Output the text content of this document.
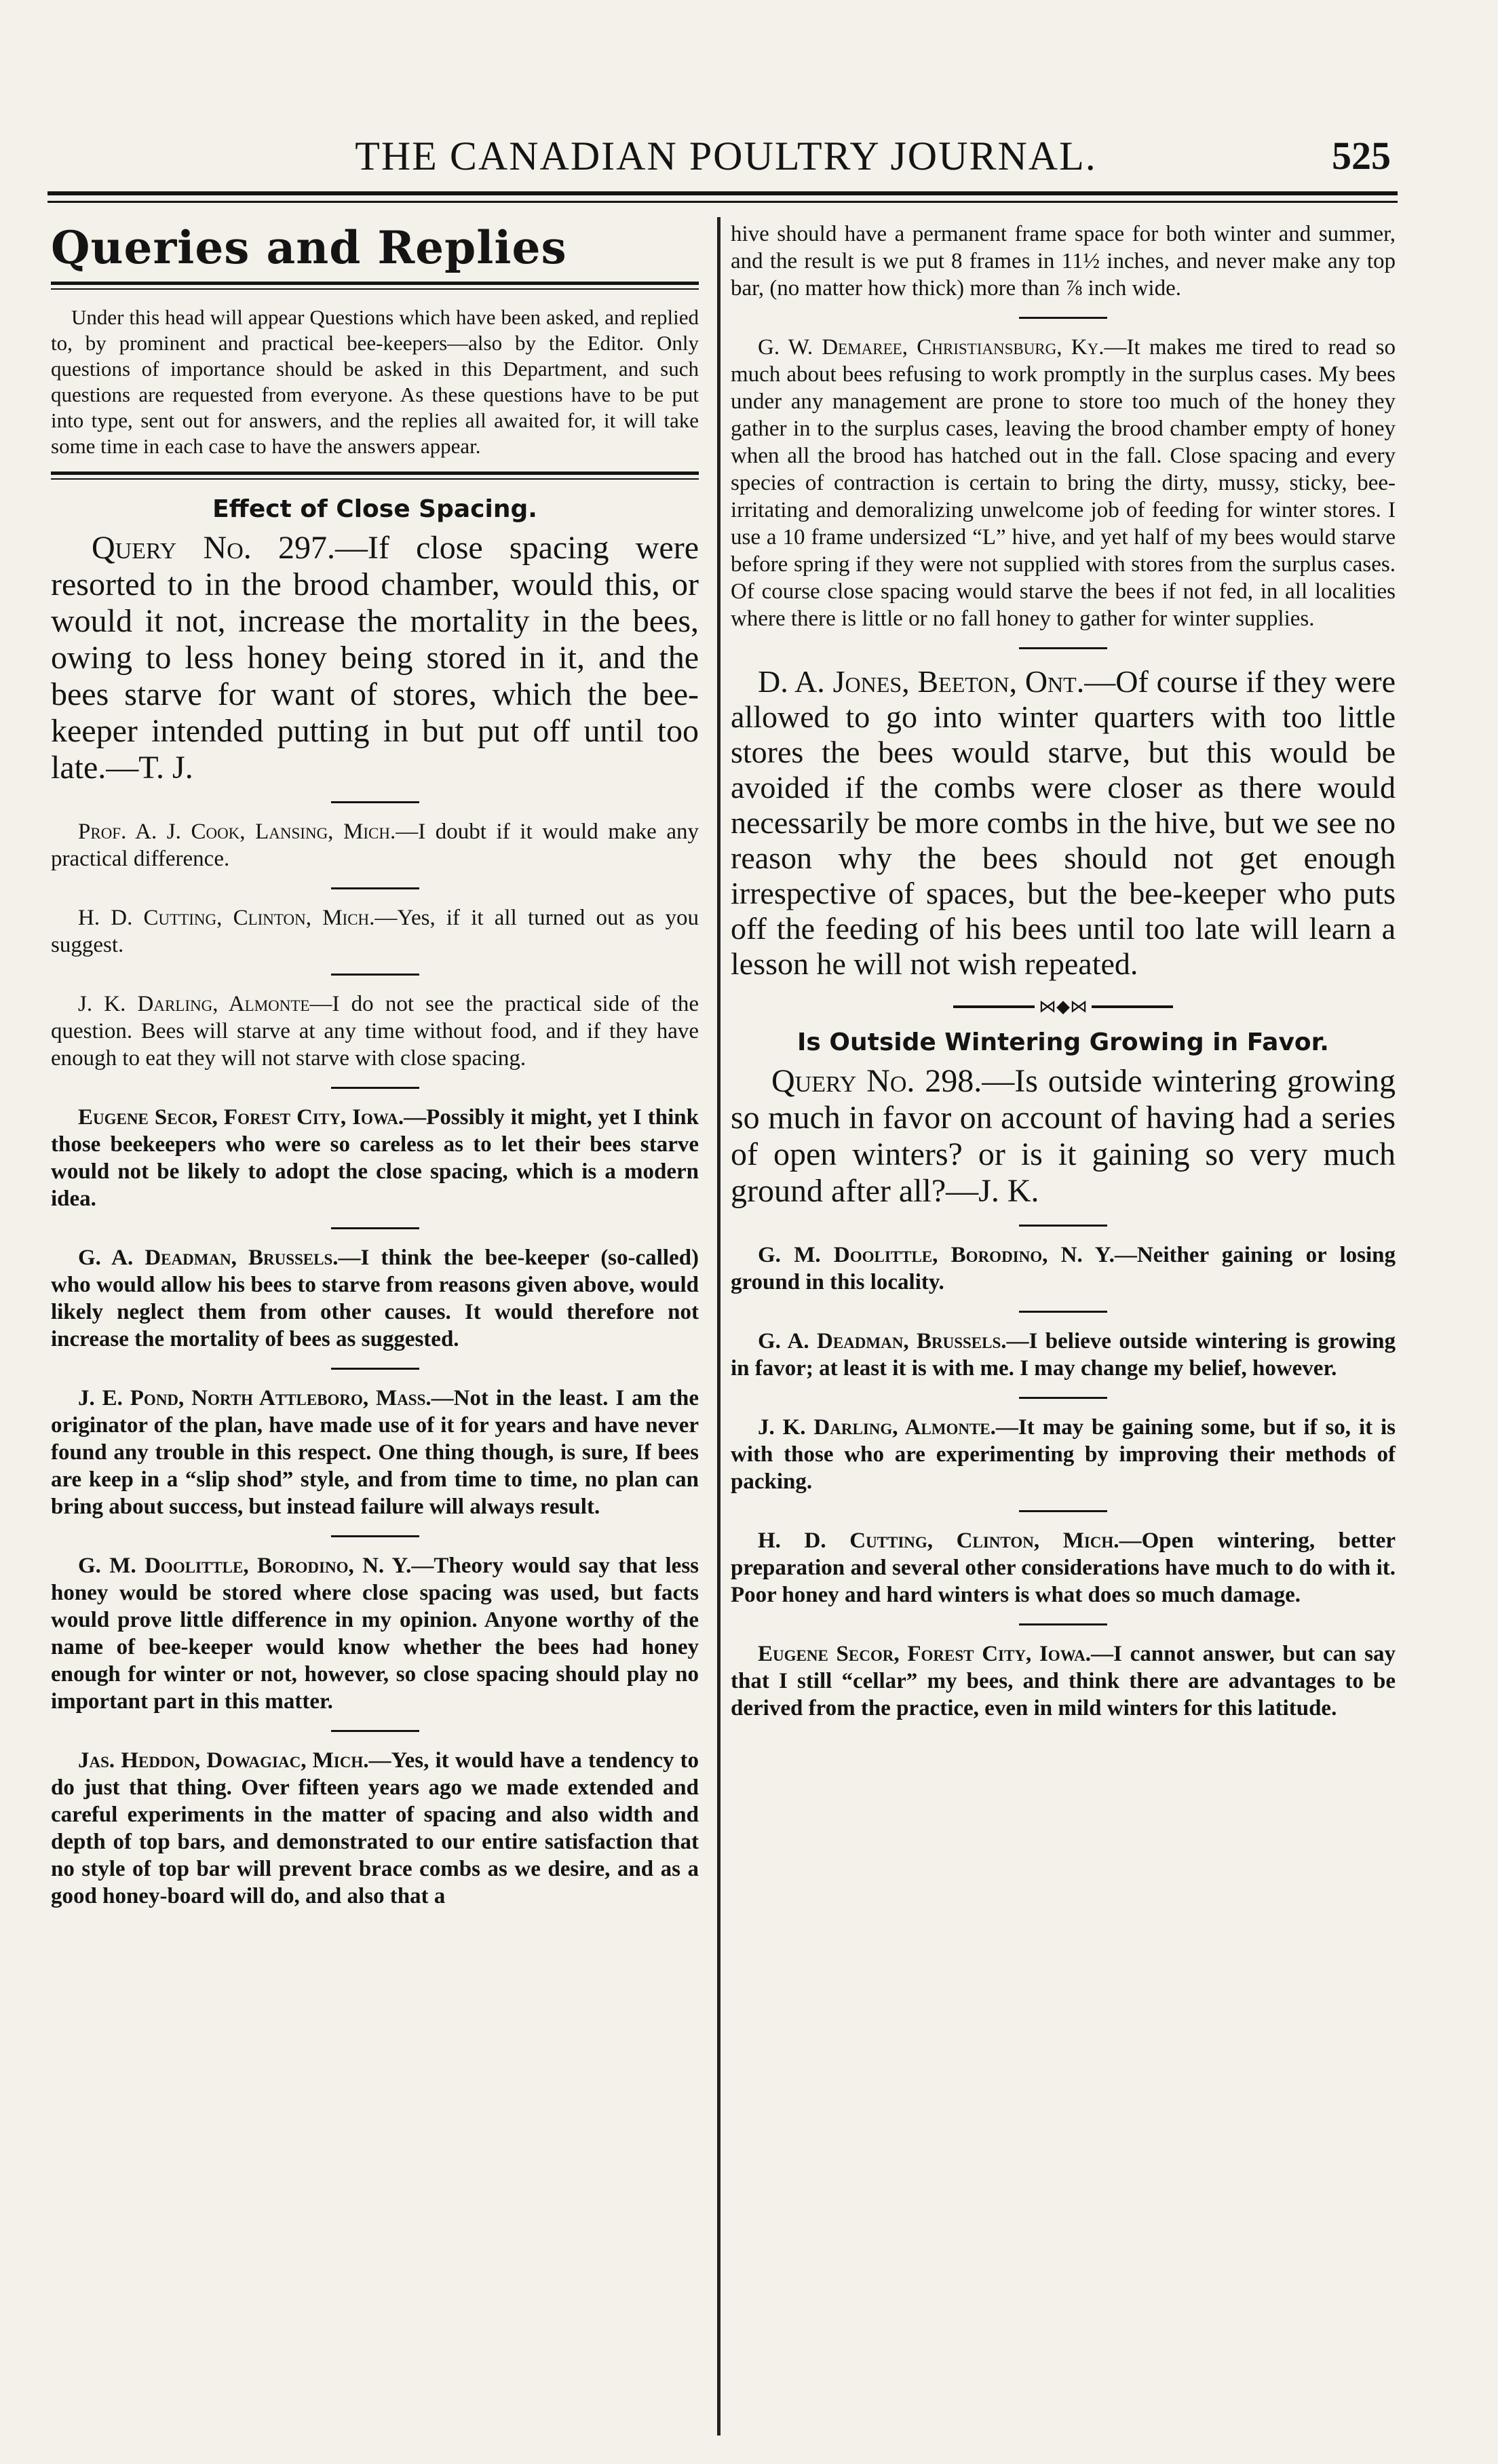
THE CANADIAN POULTRY JOURNAL.	525
Queries and Replies

Under this head will appear Questions which have been asked, and replied to, by prominent and practical bee-keepers—also by the Editor. Only questions of importance should be asked in this Department, and such questions are requested from everyone. As these questions have to be put into type, sent out for answers, and the replies all awaited for, it will take some time in each case to have the answers appear.

Effect of Close Spacing.

Query No. 297.—If close spacing were resorted to in the brood chamber, would this, or would it not, increase the mortality in the bees, owing to less honey being stored in it, and the bees starve for want of stores, which the bee-keeper intended putting in but put off until too late.—T. J.

Prof. A. J. Cook, Lansing, Mich.—I doubt if it would make any practical difference.

H. D. Cutting, Clinton, Mich.—Yes, if it all turned out as you suggest.

J. K. Darling, Almonte—I do not see the practical side of the question. Bees will starve at any time without food, and if they have enough to eat they will not starve with close spacing.

Eugene Secor, Forest City, Iowa.—Possibly it might, yet I think those beekeepers who were so careless as to let their bees starve would not be likely to adopt the close spacing, which is a modern idea.

G. A. Deadman, Brussels.—I think the bee-keeper (so-called) who would allow his bees to starve from reasons given above, would likely neglect them from other causes. It would therefore not increase the mortality of bees as suggested.

J. E. Pond, North Attleboro, Mass.—Not in the least. I am the originator of the plan, have made use of it for years and have never found any trouble in this respect. One thing though, is sure, If bees are keep in a “slip shod” style, and from time to time, no plan can bring about success, but instead failure will always result.

G. M. Doolittle, Borodino, N. Y.—Theory would say that less honey would be stored where close spacing was used, but facts would prove little difference in my opinion. Anyone worthy of the name of bee-keeper would know whether the bees had honey enough for winter or not, however, so close spacing should play no important part in this matter.

Jas. Heddon, Dowagiac, Mich.—Yes, it would have a tendency to do just that thing. Over fifteen years ago we made extended and careful experiments in the matter of spacing and also width and depth of top bars, and demonstrated to our entire satisfaction that no style of top bar will prevent brace combs as we desire, and as a good honey-board will do, and also that a

hive should have a permanent frame space for both winter and summer, and the result is we put 8 frames in 11½ inches, and never make any top bar, (no matter how thick) more than ⅞ inch wide.

G. W. Demaree, Christiansburg, Ky.—It makes me tired to read so much about bees refusing to work promptly in the surplus cases. My bees under any management are prone to store too much of the honey they gather in to the surplus cases, leaving the brood chamber empty of honey when all the brood has hatched out in the fall. Close spacing and every species of contraction is certain to bring the dirty, mussy, sticky, bee-irritating and demoralizing unwelcome job of feeding for winter stores. I use a 10 frame undersized “L” hive, and yet half of my bees would starve before spring if they were not supplied with stores from the surplus cases. Of course close spacing would starve the bees if not fed, in all localities where there is little or no fall honey to gather for winter supplies.

D. A. Jones, Beeton, Ont.—Of course if they were allowed to go into winter quarters with too little stores the bees would starve, but this would be avoided if the combs were closer as there would necessarily be more combs in the hive, but we see no reason why the bees should not get enough irrespective of spaces, but the bee-keeper who puts off the feeding of his bees until too late will learn a lesson he will not wish repeated.

⋈◆⋈
Is Outside Wintering Growing in Favor.

Query No. 298.—Is outside wintering growing so much in favor on account of having had a series of open winters? or is it gaining so very much ground after all?—J. K.

G. M. Doolittle, Borodino, N. Y.—Neither gaining or losing ground in this locality.

G. A. Deadman, Brussels.—I believe outside wintering is growing in favor; at least it is with me. I may change my belief, however.

J. K. Darling, Almonte.—It may be gaining some, but if so, it is with those who are experimenting by improving their methods of packing.

H. D. Cutting, Clinton, Mich.—Open wintering, better preparation and several other considerations have much to do with it. Poor honey and hard winters is what does so much damage.

Eugene Secor, Forest City, Iowa.—I cannot answer, but can say that I still “cellar” my bees, and think there are advantages to be derived from the practice, even in mild winters for this latitude.
